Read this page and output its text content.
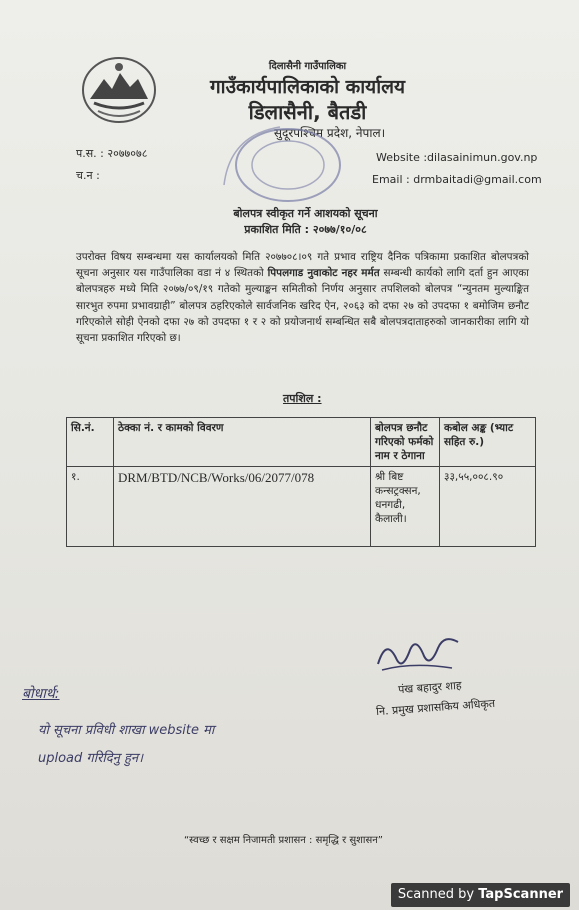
दिलासैनी गाउँपालिका
गाउँकार्यपालिकाको कार्यालय
डिलासैनी, बैतडी
सुदूरपश्चिम प्रदेश, नेपाल।
प.स. : २०७७०७८
च.न :
Website :dilasainimun.gov.np
Email : drmbaitadi@gmail.com
बोलपत्र स्वीकृत गर्ने आशयको सूचना
प्रकाशित मिति : २०७७/१०/०८
उपरोक्त विषय सम्बन्धमा यस कार्यालयको मिति २०७७०८।०९ गते प्रभाव राष्ट्रिय दैनिक पत्रिकामा प्रकाशित बोलपत्रको सूचना अनुसार यस गाउँपालिका वडा नं ४ स्थितको पिपलगाड नुवाकोट नहर मर्मत सम्बन्धी कार्यको लागि दर्ता हुन आएका बोलपत्रहरु मध्ये मिति २०७७/०९/१९ गतेको मुल्याङ्कन समितीको निर्णय अनुसार तपशिलको बोलपत्र “न्युनतम मुल्याङ्कित सारभुत रुपमा प्रभावग्राही” बोलपत्र ठहरिएकोले सार्वजनिक खरिद ऐन, २०६३ को दफा २७ को उपदफा १ बमोजिम छनौट गरिएकोले सोही ऐनको दफा २७ को उपदफा १ र २ को प्रयोजनार्थ सम्बन्धित सबै बोलपत्रदाताहरुको जानकारीका लागि यो सूचना प्रकाशित गरिएको छ।
तपशिल :
सि.नं.	ठेक्का नं. र कामको विवरण	बोलपत्र छनौट गरिएको फर्मको नाम र ठेगाना	कबोल अङ्क (भ्याट सहित रु.)
१.	DRM/BTD/NCB/Works/06/2077/078	श्री बिष्ट कन्सट्रक्सन, धनगढी, कैलाली।	३३,५५,००८.९०
बोधार्थ:
यो सूचना प्रविधी शाखा website मा
upload गरिदिनु हुन।
पंख बहादुर शाह
नि. प्रमुख प्रशासकिय अधिकृत
“स्वच्छ र सक्षम निजामती प्रशासन : समृद्धि र सुशासन”
Scanned by TapScanner
